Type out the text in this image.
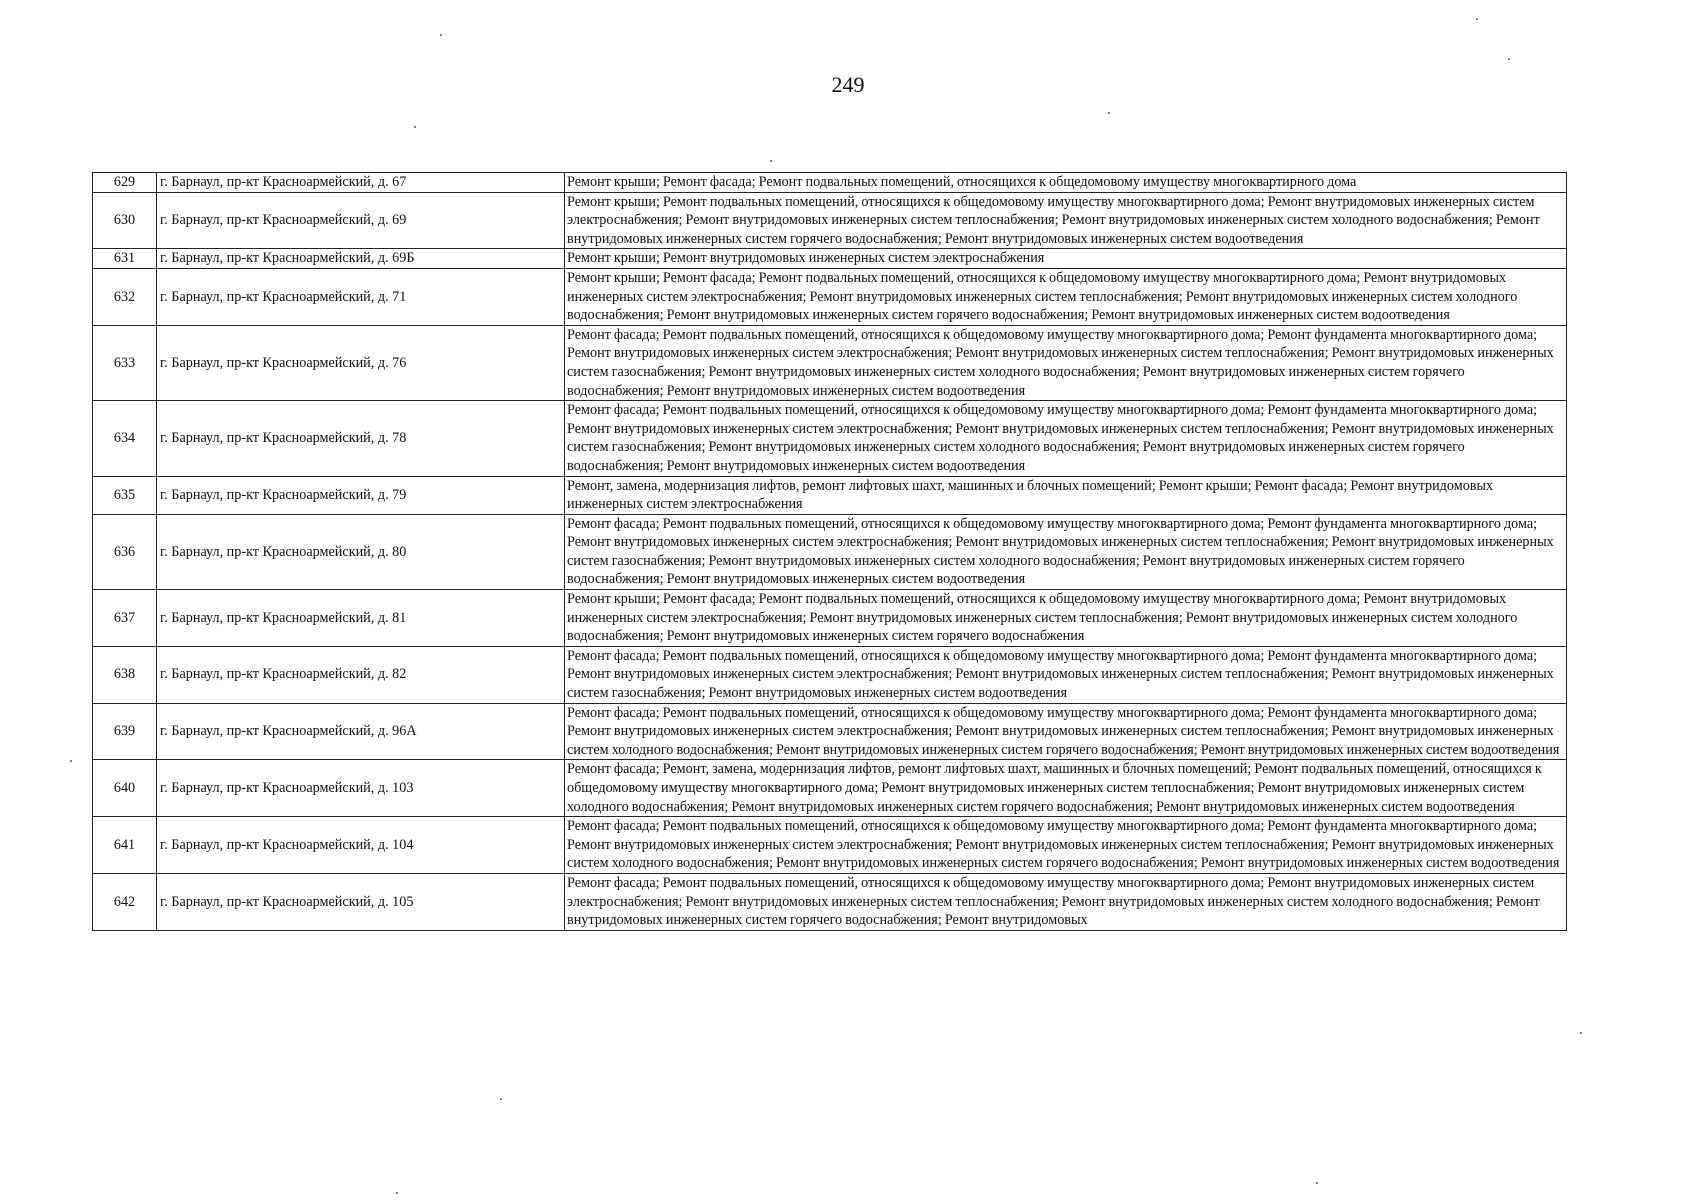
249
629	г. Барнаул, пр-кт Красноармейский, д. 67	Ремонт крыши; Ремонт фасада; Ремонт подвальных помещений, относящихся к общедомовому имуществу многоквартирного дома
630	г. Барнаул, пр-кт Красноармейский, д. 69	Ремонт крыши; Ремонт подвальных помещений, относящихся к общедомовому имуществу многоквартирного дома; Ремонт внутридомовых инженерных систем электроснабжения; Ремонт внутридомовых инженерных систем теплоснабжения; Ремонт внутридомовых инженерных систем холодного водоснабжения; Ремонт внутридомовых инженерных систем горячего водоснабжения; Ремонт внутридомовых инженерных систем водоотведения
631	г. Барнаул, пр-кт Красноармейский, д. 69Б	Ремонт крыши; Ремонт внутридомовых инженерных систем электроснабжения
632	г. Барнаул, пр-кт Красноармейский, д. 71	Ремонт крыши; Ремонт фасада; Ремонт подвальных помещений, относящихся к общедомовому имуществу многоквартирного дома; Ремонт внутридомовых инженерных систем электроснабжения; Ремонт внутридомовых инженерных систем теплоснабжения; Ремонт внутридомовых инженерных систем холодного водоснабжения; Ремонт внутридомовых инженерных систем горячего водоснабжения; Ремонт внутридомовых инженерных систем водоотведения
633	г. Барнаул, пр-кт Красноармейский, д. 76	Ремонт фасада; Ремонт подвальных помещений, относящихся к общедомовому имуществу многоквартирного дома; Ремонт фундамента многоквартирного дома; Ремонт внутридомовых инженерных систем электроснабжения; Ремонт внутридомовых инженерных систем теплоснабжения; Ремонт внутридомовых инженерных систем газоснабжения; Ремонт внутридомовых инженерных систем холодного водоснабжения; Ремонт внутридомовых инженерных систем горячего водоснабжения; Ремонт внутридомовых инженерных систем водоотведения
634	г. Барнаул, пр-кт Красноармейский, д. 78	Ремонт фасада; Ремонт подвальных помещений, относящихся к общедомовому имуществу многоквартирного дома; Ремонт фундамента многоквартирного дома; Ремонт внутридомовых инженерных систем электроснабжения; Ремонт внутридомовых инженерных систем теплоснабжения; Ремонт внутридомовых инженерных систем газоснабжения; Ремонт внутридомовых инженерных систем холодного водоснабжения; Ремонт внутридомовых инженерных систем горячего водоснабжения; Ремонт внутридомовых инженерных систем водоотведения
635	г. Барнаул, пр-кт Красноармейский, д. 79	Ремонт, замена, модернизация лифтов, ремонт лифтовых шахт, машинных и блочных помещений; Ремонт крыши; Ремонт фасада; Ремонт внутридомовых инженерных систем электроснабжения
636	г. Барнаул, пр-кт Красноармейский, д. 80	Ремонт фасада; Ремонт подвальных помещений, относящихся к общедомовому имуществу многоквартирного дома; Ремонт фундамента многоквартирного дома; Ремонт внутридомовых инженерных систем электроснабжения; Ремонт внутридомовых инженерных систем теплоснабжения; Ремонт внутридомовых инженерных систем газоснабжения; Ремонт внутридомовых инженерных систем холодного водоснабжения; Ремонт внутридомовых инженерных систем горячего водоснабжения; Ремонт внутридомовых инженерных систем водоотведения
637	г. Барнаул, пр-кт Красноармейский, д. 81	Ремонт крыши; Ремонт фасада; Ремонт подвальных помещений, относящихся к общедомовому имуществу многоквартирного дома; Ремонт внутридомовых инженерных систем электроснабжения; Ремонт внутридомовых инженерных систем теплоснабжения; Ремонт внутридомовых инженерных систем холодного водоснабжения; Ремонт внутридомовых инженерных систем горячего водоснабжения
638	г. Барнаул, пр-кт Красноармейский, д. 82	Ремонт фасада; Ремонт подвальных помещений, относящихся к общедомовому имуществу многоквартирного дома; Ремонт фундамента многоквартирного дома; Ремонт внутридомовых инженерных систем электроснабжения; Ремонт внутридомовых инженерных систем теплоснабжения; Ремонт внутридомовых инженерных систем газоснабжения; Ремонт внутридомовых инженерных систем водоотведения
639	г. Барнаул, пр-кт Красноармейский, д. 96А	Ремонт фасада; Ремонт подвальных помещений, относящихся к общедомовому имуществу многоквартирного дома; Ремонт фундамента многоквартирного дома; Ремонт внутридомовых инженерных систем электроснабжения; Ремонт внутридомовых инженерных систем теплоснабжения; Ремонт внутридомовых инженерных систем холодного водоснабжения; Ремонт внутридомовых инженерных систем горячего водоснабжения; Ремонт внутридомовых инженерных систем водоотведения
640	г. Барнаул, пр-кт Красноармейский, д. 103	Ремонт фасада; Ремонт, замена, модернизация лифтов, ремонт лифтовых шахт, машинных и блочных помещений; Ремонт подвальных помещений, относящихся к общедомовому имуществу многоквартирного дома; Ремонт внутридомовых инженерных систем теплоснабжения; Ремонт внутридомовых инженерных систем холодного водоснабжения; Ремонт внутридомовых инженерных систем горячего водоснабжения; Ремонт внутридомовых инженерных систем водоотведения
641	г. Барнаул, пр-кт Красноармейский, д. 104	Ремонт фасада; Ремонт подвальных помещений, относящихся к общедомовому имуществу многоквартирного дома; Ремонт фундамента многоквартирного дома; Ремонт внутридомовых инженерных систем электроснабжения; Ремонт внутридомовых инженерных систем теплоснабжения; Ремонт внутридомовых инженерных систем холодного водоснабжения; Ремонт внутридомовых инженерных систем горячего водоснабжения; Ремонт внутридомовых инженерных систем водоотведения
642	г. Барнаул, пр-кт Красноармейский, д. 105	Ремонт фасада; Ремонт подвальных помещений, относящихся к общедомовому имуществу многоквартирного дома; Ремонт внутридомовых инженерных систем электроснабжения; Ремонт внутридомовых инженерных систем теплоснабжения; Ремонт внутридомовых инженерных систем холодного водоснабжения; Ремонт внутридомовых инженерных систем горячего водоснабжения; Ремонт внутридомовых
